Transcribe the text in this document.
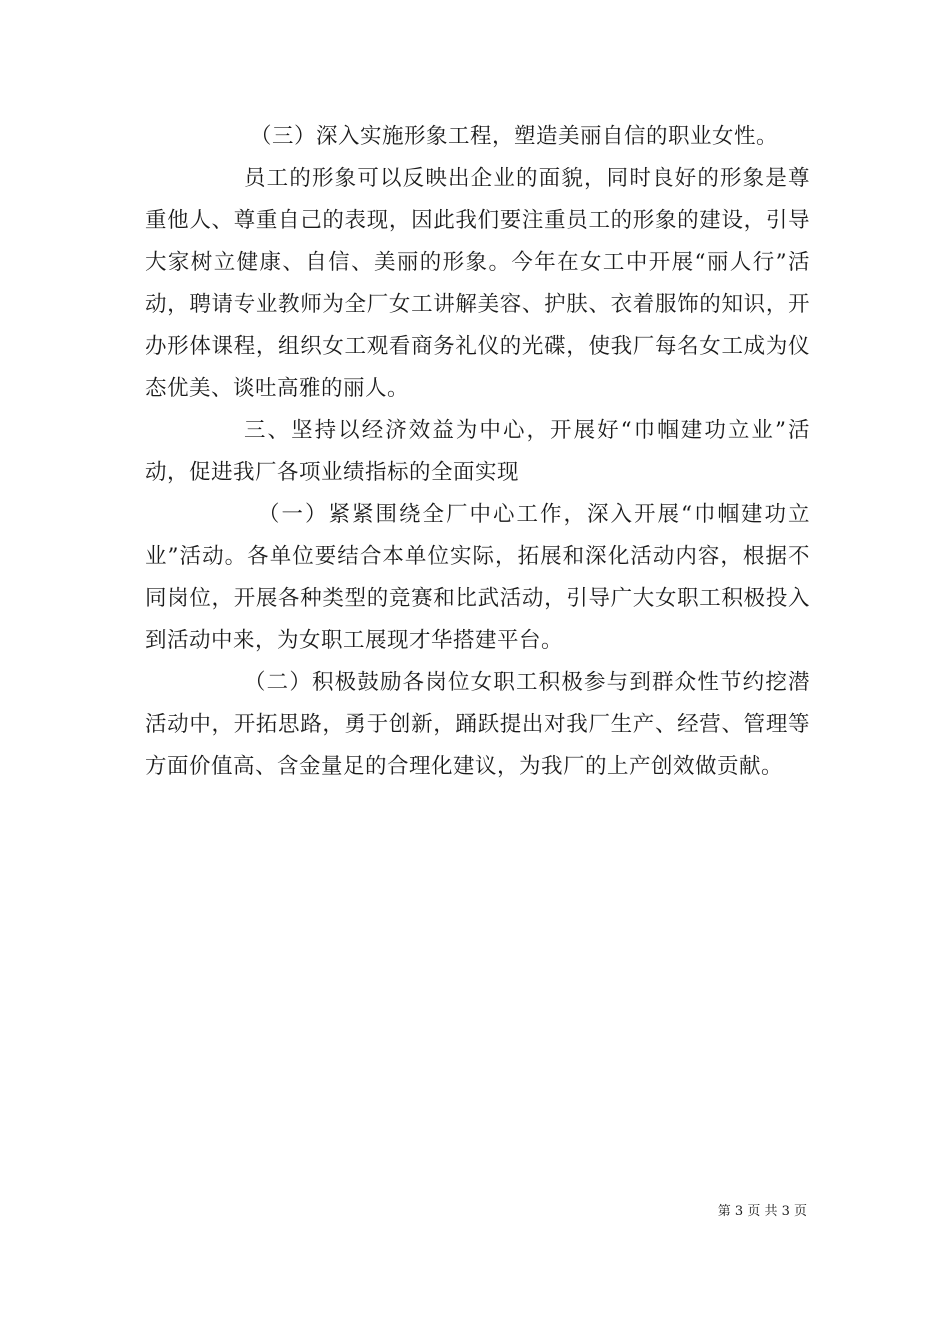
（三）深入实施形象工程，塑造美丽自信的职业女性。

员工的形象可以反映出企业的面貌，同时良好的形象是尊重他人、尊重自己的表现，因此我们要注重员工的形象的建设，引导大家树立健康、自信、美丽的形象。今年在女工中开展“丽人行”活动，聘请专业教师为全厂女工讲解美容、护肤、衣着服饰的知识，开办形体课程，组织女工观看商务礼仪的光碟，使我厂每名女工成为仪态优美、谈吐高雅的丽人。

三、坚持以经济效益为中心，开展好“巾帼建功立业”活动，促进我厂各项业绩指标的全面实现

（一）紧紧围绕全厂中心工作，深入开展“巾帼建功立业”活动。各单位要结合本单位实际，拓展和深化活动内容，根据不同岗位，开展各种类型的竞赛和比武活动，引导广大女职工积极投入到活动中来，为女职工展现才华搭建平台。

（二）积极鼓励各岗位女职工积极参与到群众性节约挖潜活动中，开拓思路，勇于创新，踊跃提出对我厂生产、经营、管理等方面价值高、含金量足的合理化建议，为我厂的上产创效做贡献。

第 3 页 共 3 页
